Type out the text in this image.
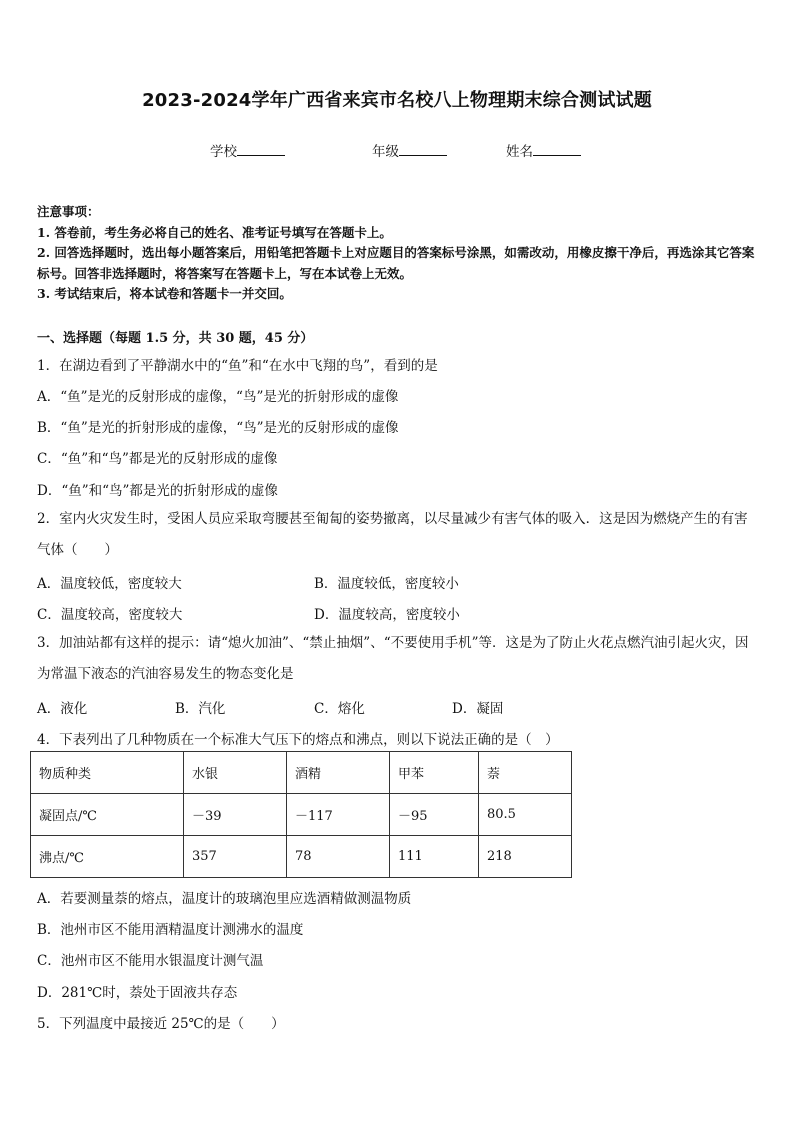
2023-2024学年广西省来宾市名校八上物理期末综合测试试题
学校	年级	姓名
注意事项：
1. 答卷前，考生务必将自己的姓名、准考证号填写在答题卡上。
2. 回答选择题时，选出每小题答案后，用铅笔把答题卡上对应题目的答案标号涂黑，如需改动，用橡皮擦干净后，再选涂其它答案标号。回答非选择题时，将答案写在答题卡上，写在本试卷上无效。
3. 考试结束后，将本试卷和答题卡一并交回。
一、选择题（每题 1.5 分，共 30 题，45 分）
1．在湖边看到了平静湖水中的“鱼”和“在水中飞翔的鸟”，看到的是
A．“鱼”是光的反射形成的虚像，“鸟”是光的折射形成的虚像
B．“鱼”是光的折射形成的虚像，“鸟”是光的反射形成的虚像
C．“鱼”和“鸟”都是光的反射形成的虚像
D．“鱼”和“鸟”都是光的折射形成的虚像
2．室内火灾发生时，受困人员应采取弯腰甚至匍匐的姿势撤离，以尽量减少有害气体的吸入．这是因为燃烧产生的有害气体（　　）
A．温度较低，密度较大	B．温度较低，密度较小
C．温度较高，密度较大	D．温度较高，密度较小
3．加油站都有这样的提示：请“熄火加油”、“禁止抽烟”、“不要使用手机”等．这是为了防止火花点燃汽油引起火灾，因为常温下液态的汽油容易发生的物态变化是
A．液化	B．汽化	C．熔化	D．凝固
4．下表列出了几种物质在一个标准大气压下的熔点和沸点，则以下说法正确的是（　）
物质种类	水银	酒精	甲苯	萘
凝固点/℃	－39	－117	－95	80.5
沸点/℃	357	78	111	218
A．若要测量萘的熔点，温度计的玻璃泡里应选酒精做测温物质
B．池州市区不能用酒精温度计测沸水的温度
C．池州市区不能用水银温度计测气温
D．281℃时，萘处于固液共存态
5．下列温度中最接近 25℃的是（　　）
